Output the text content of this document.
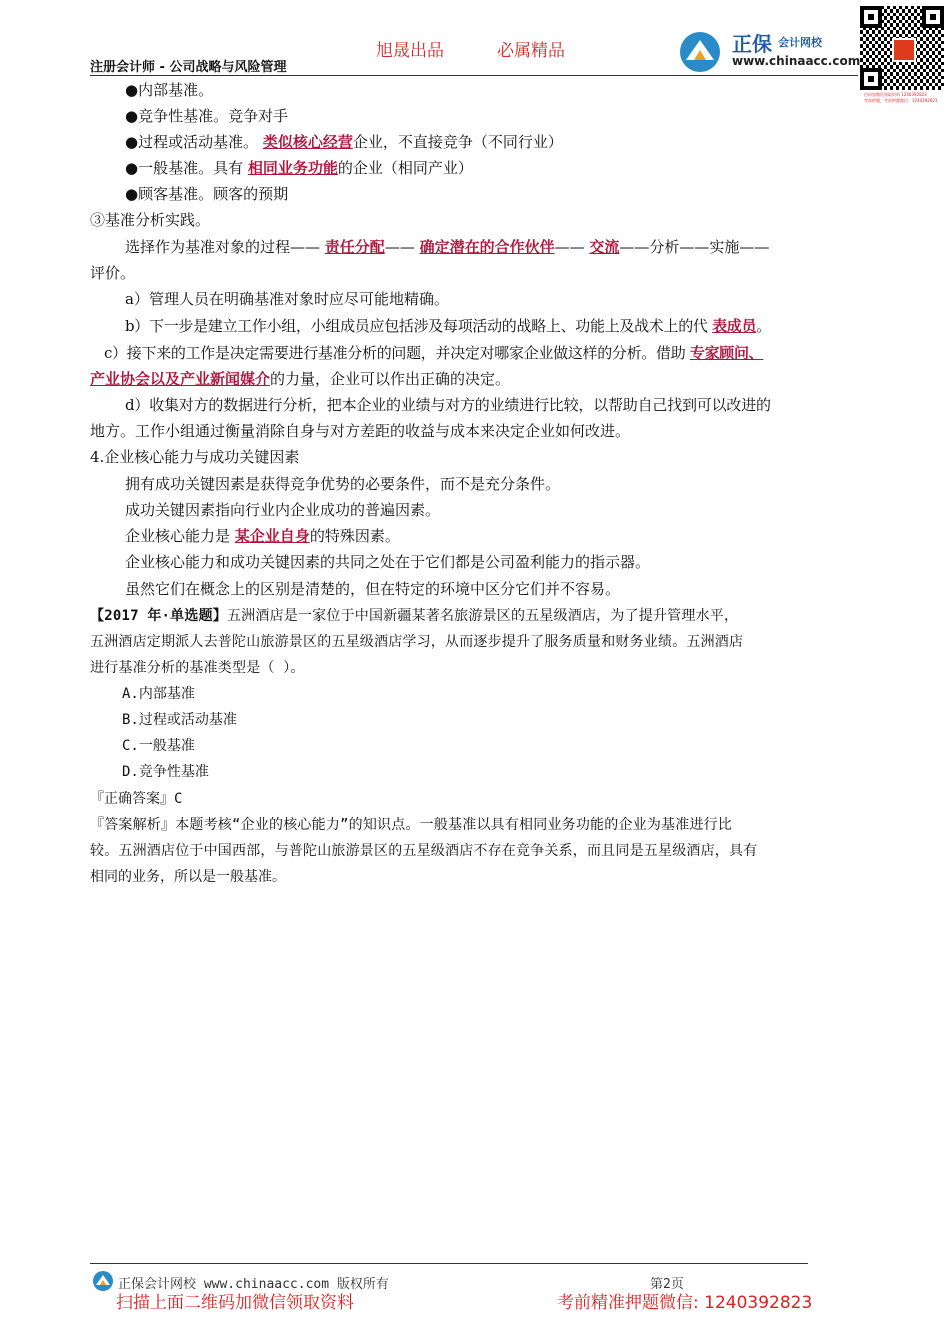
旭晟出品	必属精品
注册会计师 - 公司战略与风险管理
正保 会计网校
www.chinaacc.com
扫码加微信领取资料 1240392823
考前押题，考前押题微信：1240392823
●内部基准。
●竞争性基准。竞争对手
●过程或活动基准。 类似核心经营企业，不直接竞争（不同行业）
●一般基准。具有 相同业务功能的企业（相同产业）
●顾客基准。顾客的预期
③基准分析实践。
选择作为基准对象的过程—— 责任分配—— 确定潜在的合作伙伴—— 交流——分析——实施——
评价。
a）管理人员在明确基准对象时应尽可能地精确。
b）下一步是建立工作小组，小组成员应包括涉及每项活动的战略上、功能上及战术上的代 表成员。
c）接下来的工作是决定需要进行基准分析的问题，并决定对哪家企业做这样的分析。借助 专家顾问、
产业协会以及产业新闻媒介的力量，企业可以作出正确的决定。
d）收集对方的数据进行分析，把本企业的业绩与对方的业绩进行比较，以帮助自己找到可以改进的
地方。工作小组通过衡量消除自身与对方差距的收益与成本来决定企业如何改进。
4.企业核心能力与成功关键因素
拥有成功关键因素是获得竞争优势的必要条件，而不是充分条件。
成功关键因素指向行业内企业成功的普遍因素。
企业核心能力是 某企业自身的特殊因素。
企业核心能力和成功关键因素的共同之处在于它们都是公司盈利能力的指示器。
虽然它们在概念上的区别是清楚的，但在特定的环境中区分它们并不容易。
【2017 年·单选题】五洲酒店是一家位于中国新疆某著名旅游景区的五星级酒店，为了提升管理水平，
五洲酒店定期派人去普陀山旅游景区的五星级酒店学习，从而逐步提升了服务质量和财务业绩。五洲酒店
进行基准分析的基准类型是（ ）。
A.内部基准
B.过程或活动基准
C.一般基准
D.竞争性基准
『正确答案』C
『答案解析』本题考核“企业的核心能力”的知识点。一般基准以具有相同业务功能的企业为基准进行比
较。五洲酒店位于中国西部，与普陀山旅游景区的五星级酒店不存在竞争关系，而且同是五星级酒店，具有
相同的业务，所以是一般基准。
正保会计网校 www.chinaacc.com 版权所有	第2页
扫描上面二维码加微信领取资料	考前精准押题微信: 1240392823
